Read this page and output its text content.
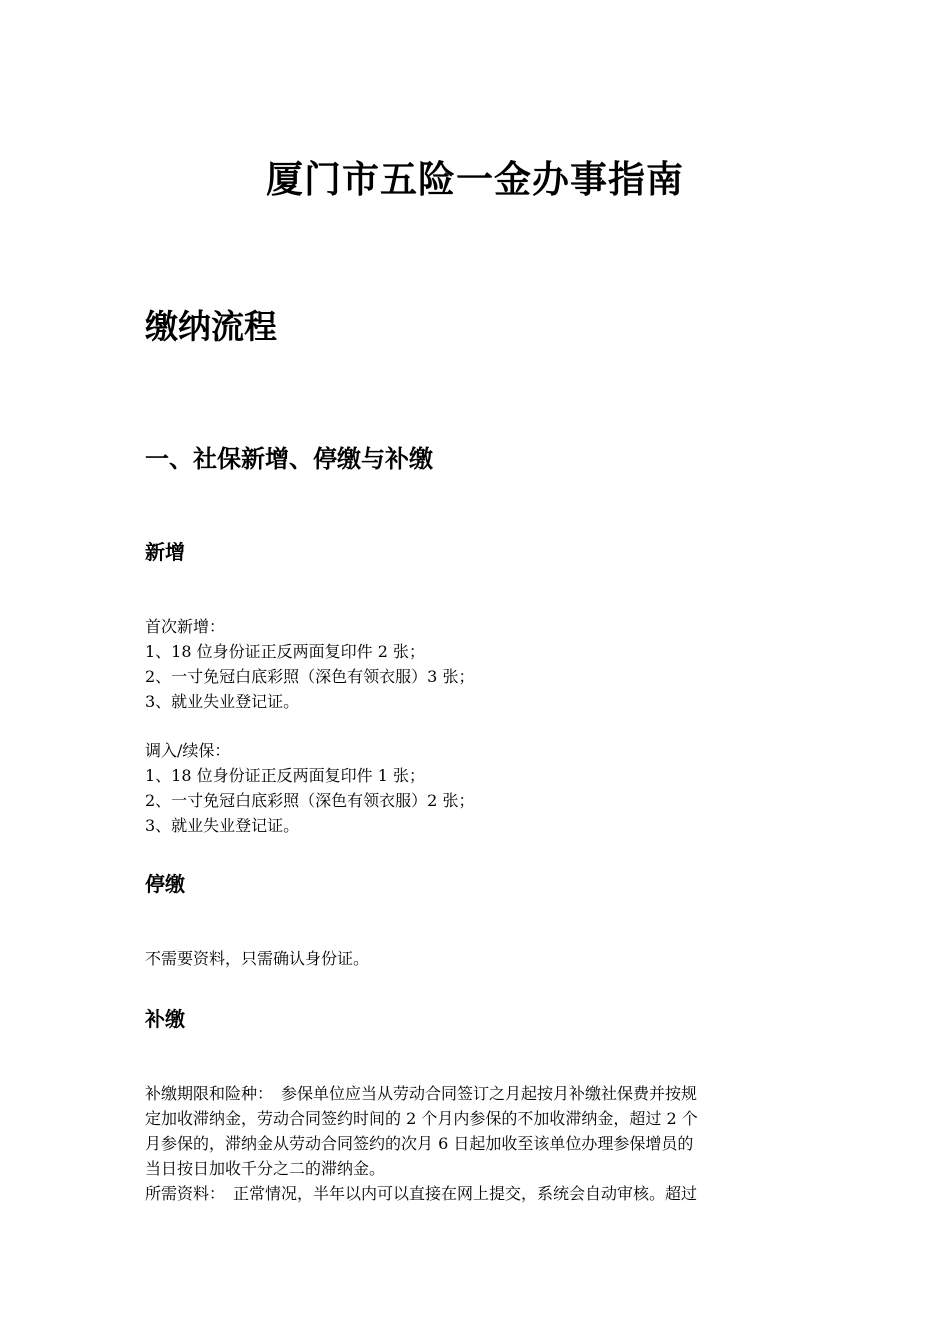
厦门市五险一金办事指南
缴纳流程
一、社保新增、停缴与补缴
新增

首次新增：

1、18 位身份证正反两面复印件 2 张；

2、一寸免冠白底彩照（深色有领衣服）3 张；

3、就业失业登记证。

调入/续保：

1、18 位身份证正反两面复印件 1 张；

2、一寸免冠白底彩照（深色有领衣服）2 张；

3、就业失业登记证。

停缴

不需要资料，只需确认身份证。

补缴

补缴期限和险种：　参保单位应当从劳动合同签订之月起按月补缴社保费并按规

定加收滞纳金，劳动合同签约时间的 2 个月内参保的不加收滞纳金，超过 2 个

月参保的，滞纳金从劳动合同签约的次月 6 日起加收至该单位办理参保增员的

当日按日加收千分之二的滞纳金。

所需资料：　正常情况，半年以内可以直接在网上提交，系统会自动审核。超过
